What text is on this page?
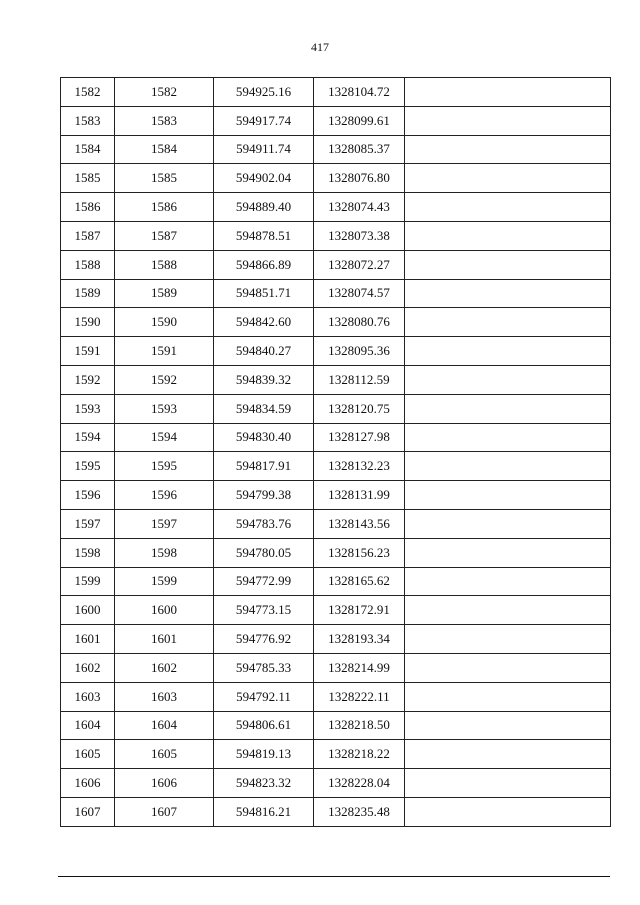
417
1582	1582	594925.16	1328104.72	
1583	1583	594917.74	1328099.61	
1584	1584	594911.74	1328085.37	
1585	1585	594902.04	1328076.80	
1586	1586	594889.40	1328074.43	
1587	1587	594878.51	1328073.38	
1588	1588	594866.89	1328072.27	
1589	1589	594851.71	1328074.57	
1590	1590	594842.60	1328080.76	
1591	1591	594840.27	1328095.36	
1592	1592	594839.32	1328112.59	
1593	1593	594834.59	1328120.75	
1594	1594	594830.40	1328127.98	
1595	1595	594817.91	1328132.23	
1596	1596	594799.38	1328131.99	
1597	1597	594783.76	1328143.56	
1598	1598	594780.05	1328156.23	
1599	1599	594772.99	1328165.62	
1600	1600	594773.15	1328172.91	
1601	1601	594776.92	1328193.34	
1602	1602	594785.33	1328214.99	
1603	1603	594792.11	1328222.11	
1604	1604	594806.61	1328218.50	
1605	1605	594819.13	1328218.22	
1606	1606	594823.32	1328228.04	
1607	1607	594816.21	1328235.48	
